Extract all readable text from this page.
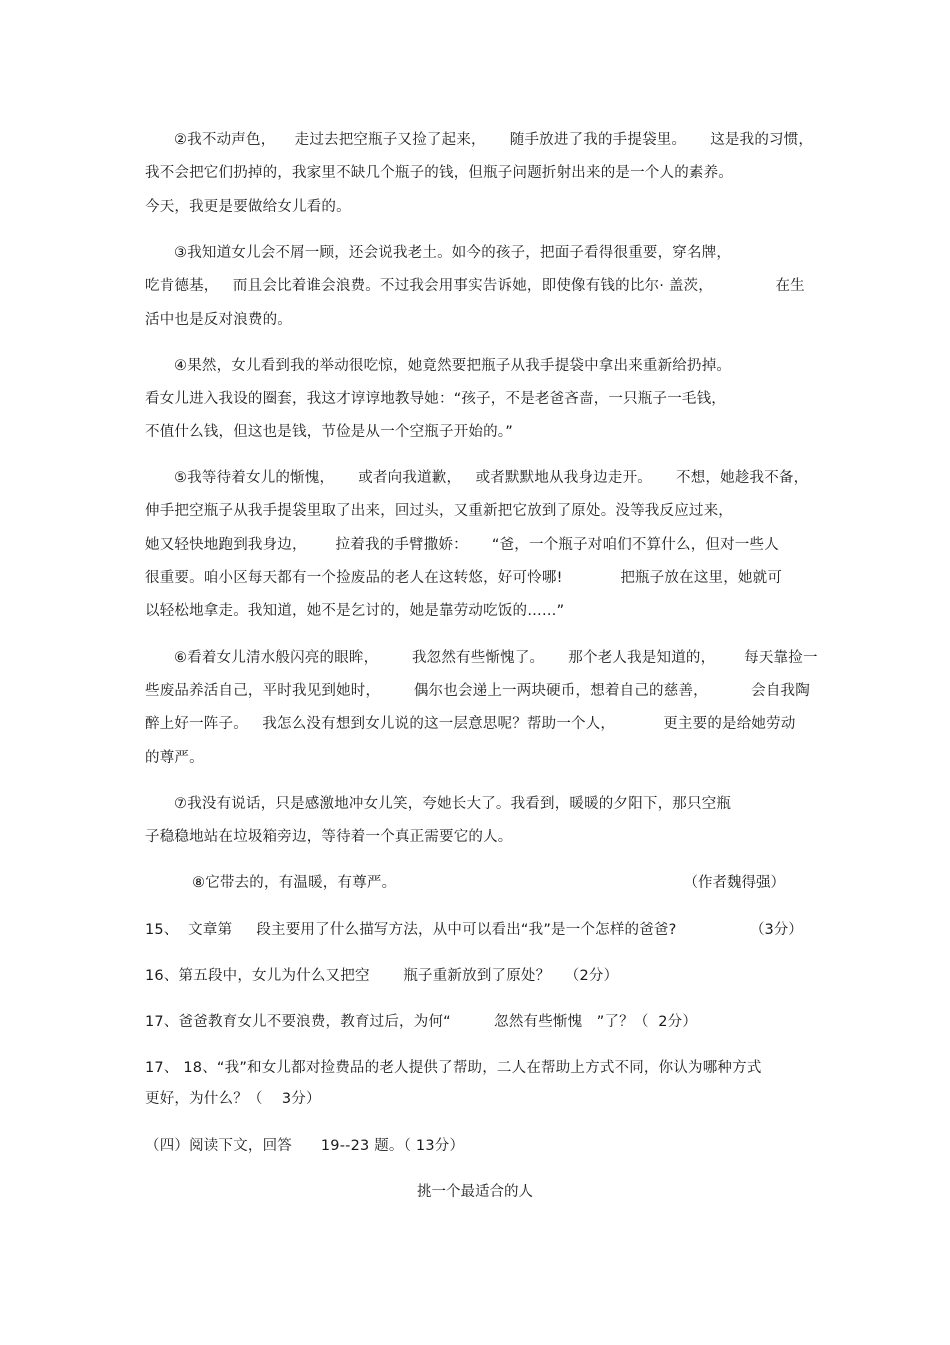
②我不动声色，    走过去把空瓶子又捡了起来，     随手放进了我的手提袋里。     这是我的习惯，
我不会把它们扔掉的，我家里不缺几个瓶子的钱，但瓶子问题折射出来的是一个人的素养。
今天，我更是要做给女儿看的。
③我知道女儿会不屑一顾，还会说我老土。如今的孩子，把面子看得很重要，穿名牌，
吃肯德基，   而且会比着谁会浪费。不过我会用事实告诉她，即使像有钱的比尔· 盖茨，             在生
活中也是反对浪费的。
④果然，女儿看到我的举动很吃惊，她竟然要把瓶子从我手提袋中拿出来重新给扔掉。
看女儿进入我设的圈套，我这才谆谆地教导她：“孩子，不是老爸吝啬，一只瓶子一毛钱，
不值什么钱，但这也是钱，节俭是从一个空瓶子开始的。”
⑤我等待着女儿的惭愧，     或者向我道歉，   或者默默地从我身边走开。     不想，她趁我不备，
伸手把空瓶子从我手提袋里取了出来，回过头，又重新把它放到了原处。没等我反应过来，
她又轻快地跑到我身边，      拉着我的手臂撒娇：     “爸，一个瓶子对咱们不算什么，但对一些人
很重要。咱小区每天都有一个捡废品的老人在这转悠，好可怜哪!            把瓶子放在这里，她就可
以轻松地拿走。我知道，她不是乞讨的，她是靠劳动吃饭的……”
⑥看着女儿清水般闪亮的眼眸，       我忽然有些惭愧了。     那个老人我是知道的，      每天靠捡一
些废品养活自己，平时我见到她时，       偶尔也会递上一两块硬币，想着自己的慈善，         会自我陶
醉上好一阵子。   我怎么没有想到女儿说的这一层意思呢？帮助一个人，          更主要的是给她劳动
的尊严。
⑦我没有说话，只是感激地冲女儿笑，夸她长大了。我看到，暖暖的夕阳下，那只空瓶
子稳稳地站在垃圾箱旁边，等待着一个真正需要它的人。
⑧它带去的，有温暖，有尊严。	（作者魏得强）
15、  文章第     段主要用了什么描写方法，从中可以看出“我”是一个怎样的爸爸?	（3分）
16、第五段中，女儿为什么又把空       瓶子重新放到了原处？   （2分）
17、爸爸教育女儿不要浪费，教育过后，为何“         忽然有些惭愧   ”了？（  2分）
17、 18、“我”和女儿都对捡费品的老人提供了帮助，二人在帮助上方式不同，你认为哪种方式
更好，为什么？（    3分）
（四）阅读下文，回答      19--23 题。（ 13分）
挑一个最适合的人
